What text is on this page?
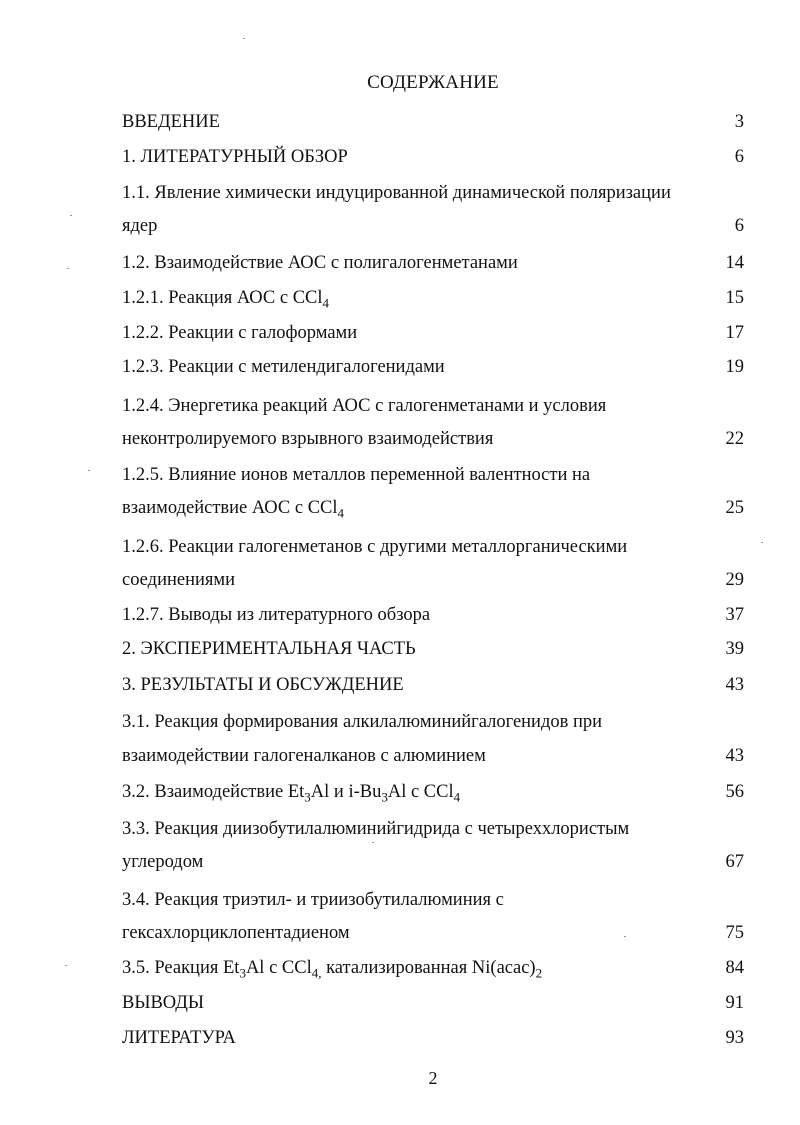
СОДЕРЖАНИЕ
ВВЕДЕНИЕ	3
1. ЛИТЕРАТУРНЫЙ ОБЗОР	6
1.1. Явление химически индуцированной динамической поляризации
ядер	6
1.2. Взаимодействие АОС с полигалогенметанами	14
1.2.1. Реакция АОС с CCl$_4$	15
1.2.2. Реакции с галоформами	17
1.2.3. Реакции с метилендигалогенидами	19
1.2.4. Энергетика реакций АОС с галогенметанами и условия
неконтролируемого взрывного взаимодействия	22
1.2.5. Влияние ионов металлов переменной валентности на
взаимодействие АОС с CCl$_4$	25
1.2.6. Реакции галогенметанов с другими металлорганическими
соединениями	29
1.2.7. Выводы из литературного обзора	37
2. ЭКСПЕРИМЕНТАЛЬНАЯ ЧАСТЬ	39
3. РЕЗУЛЬТАТЫ И ОБСУЖДЕНИЕ	43
3.1. Реакция формирования алкилалюминийгалогенидов при
взаимодействии галогеналканов с алюминием	43
3.2. Взаимодействие $Et_3Al$ и $i-Bu_3Al$ с CCl$_4$	56
3.3. Реакция диизобутилалюминийгидрида с четыреххлористым
углеродом	67
3.4. Реакция триэтил- и триизобутилалюминия с
гексахлорциклопентадиеном	75
3.5. Реакция $Et_3Al$ с CCl$_{4,}$ катализированная $Ni(acac)_2$	84
ВЫВОДЫ	91
ЛИТЕРАТУРА	93
2
